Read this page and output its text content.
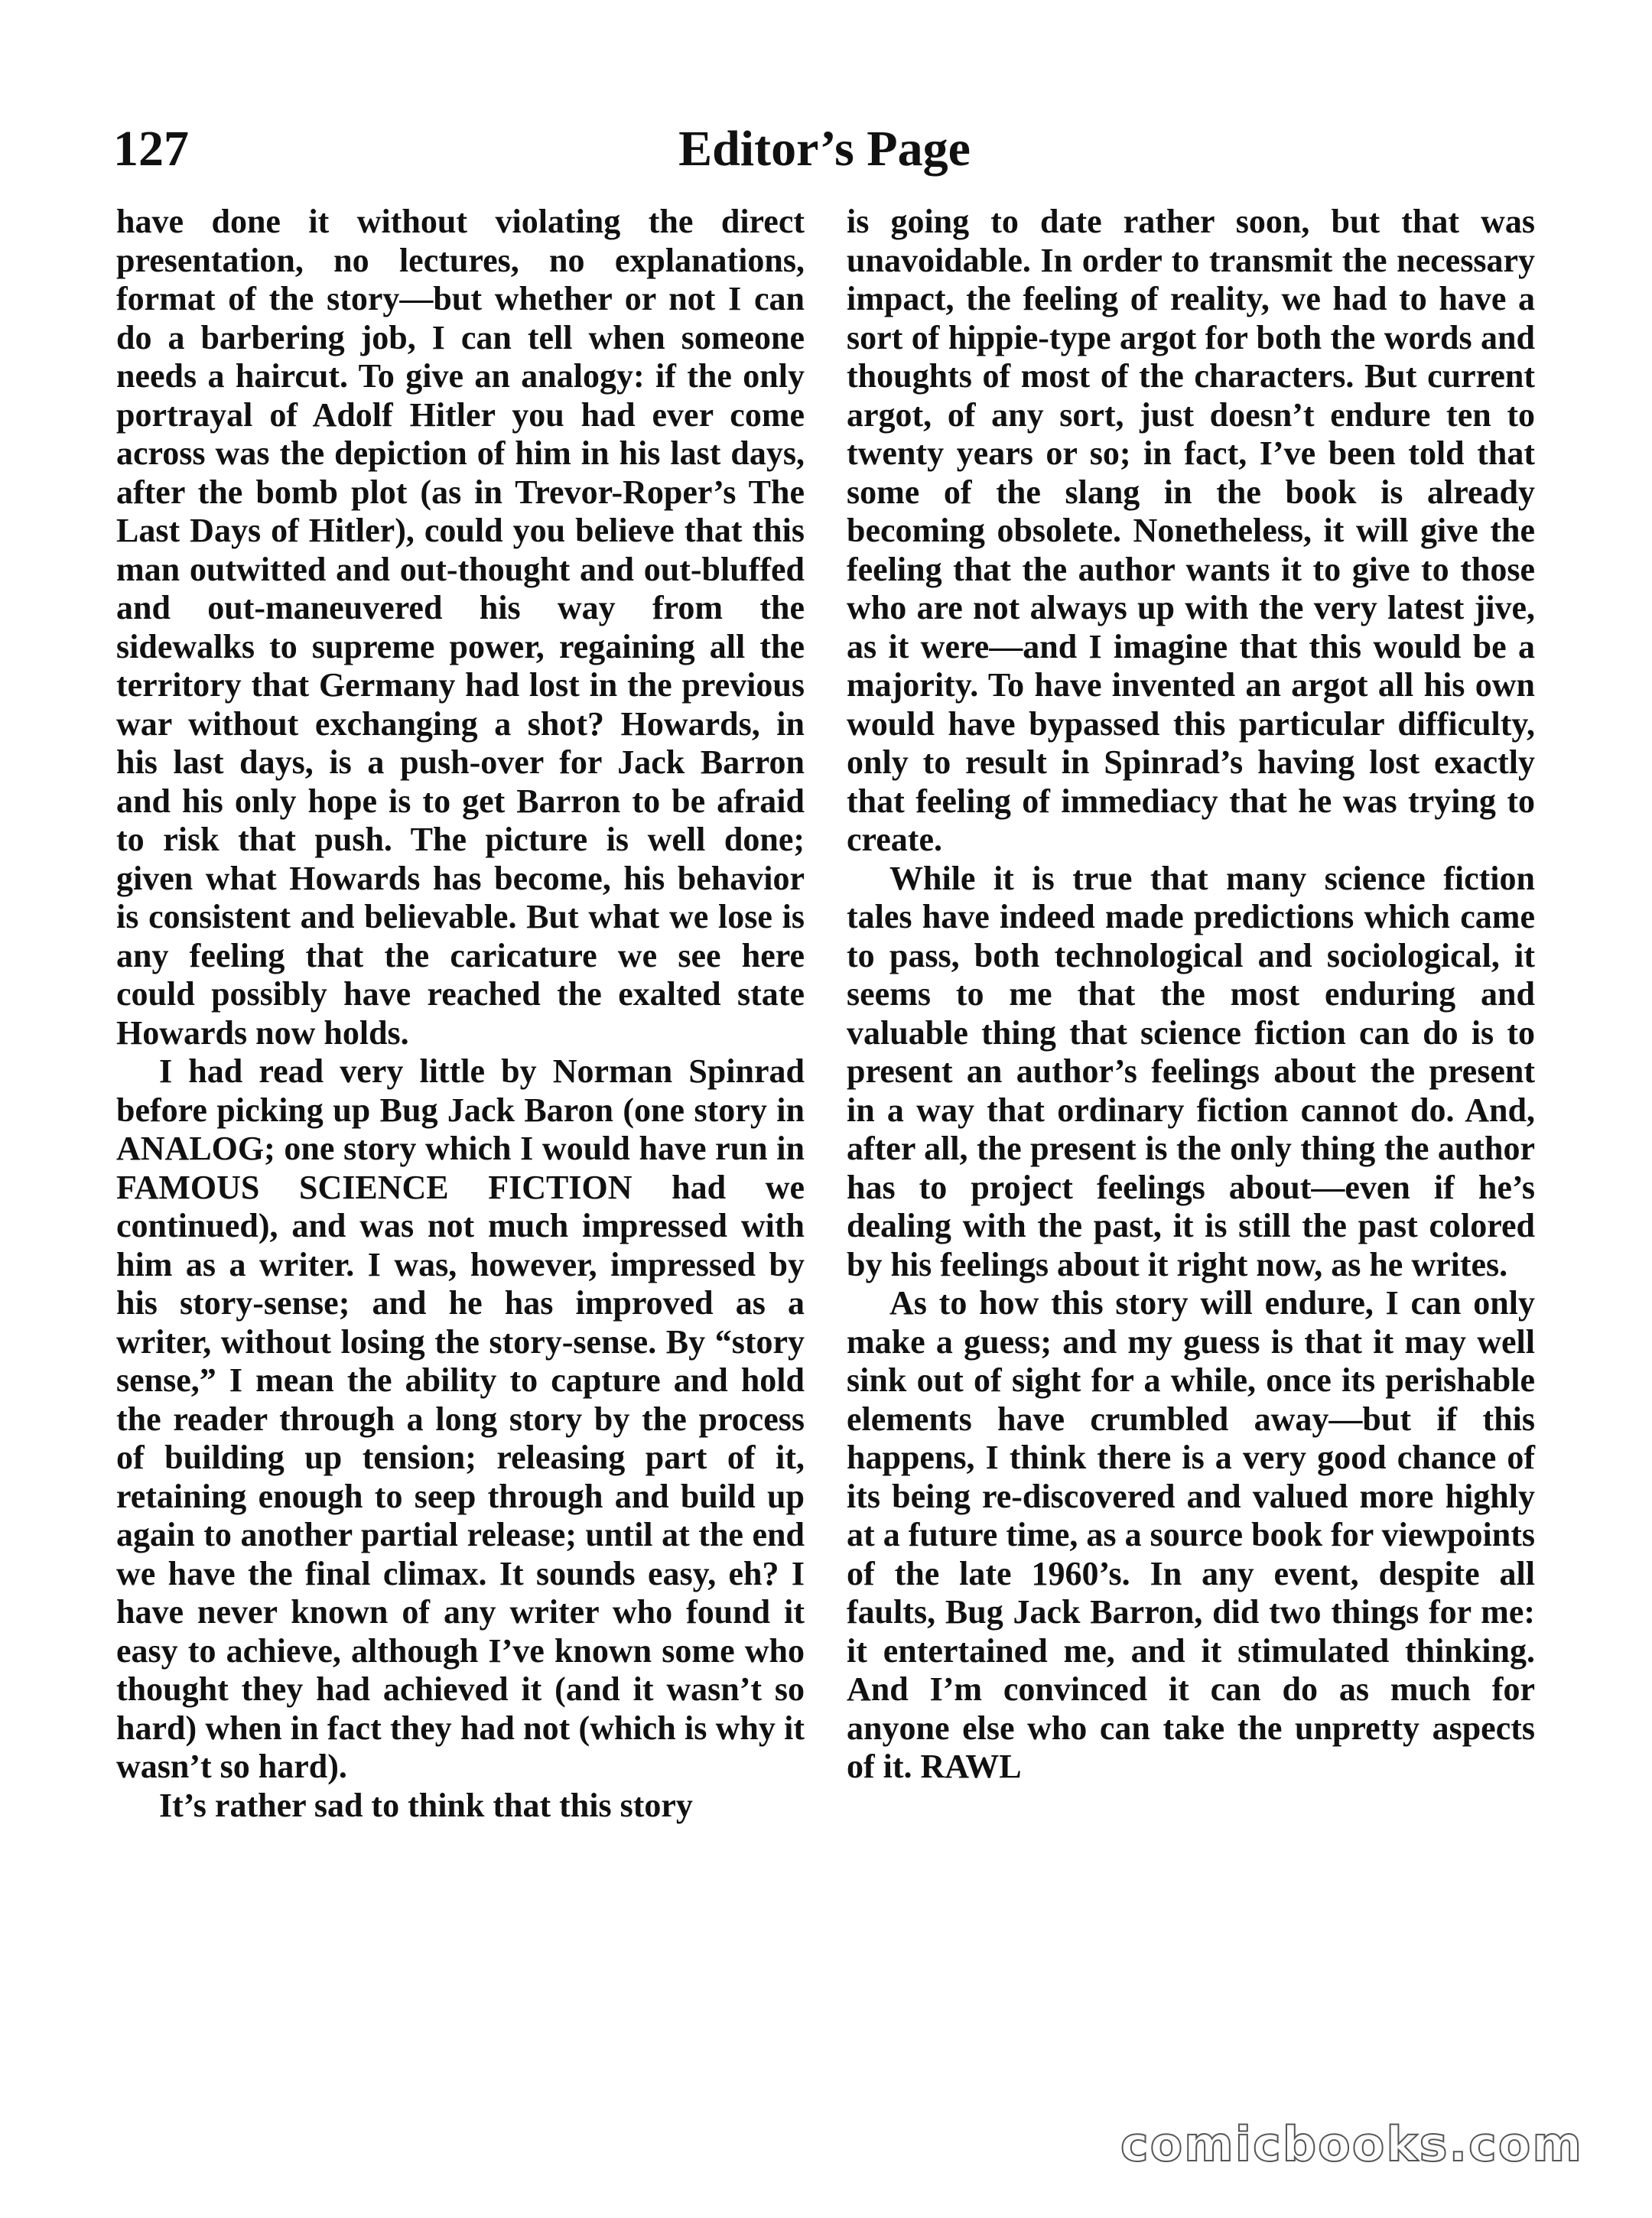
127	Editor’s Page

have done it without violating the direct presentation, no lectures, no explanations, format of the story—but whether or not I can do a barbering job, I can tell when someone needs a haircut. To give an analogy: if the only portrayal of Adolf Hitler you had ever come across was the depiction of him in his last days, after the bomb plot (as in Trevor-Roper’s The Last Days of Hitler), could you believe that this man outwitted and out-thought and out-bluffed and out-maneuvered his way from the sidewalks to supreme power, regaining all the territory that Germany had lost in the previous war without exchanging a shot? Howards, in his last days, is a push-over for Jack Barron and his only hope is to get Barron to be afraid to risk that push. The picture is well done; given what Howards has become, his behavior is consistent and believable. But what we lose is any feeling that the caricature we see here could possibly have reached the exalted state Howards now holds.

I had read very little by Norman Spinrad before picking up Bug Jack Baron (one story in ANALOG; one story which I would have run in FAMOUS SCIENCE FICTION had we continued), and was not much impressed with him as a writer. I was, however, impressed by his story-sense; and he has improved as a writer, without losing the story-sense. By “story sense,” I mean the ability to capture and hold the reader through a long story by the process of building up tension; releasing part of it, retaining enough to seep through and build up again to another partial release; until at the end we have the final climax. It sounds easy, eh? I have never known of any writer who found it easy to achieve, although I’ve known some who thought they had achieved it (and it wasn’t so hard) when in fact they had not (which is why it wasn’t so hard).

It’s rather sad to think that this story

is going to date rather soon, but that was unavoidable. In order to transmit the necessary impact, the feeling of reality, we had to have a sort of hippie-type argot for both the words and thoughts of most of the characters. But current argot, of any sort, just doesn’t endure ten to twenty years or so; in fact, I’ve been told that some of the slang in the book is already becoming obsolete. Nonetheless, it will give the feeling that the author wants it to give to those who are not always up with the very latest jive, as it were—and I imagine that this would be a majority. To have invented an argot all his own would have bypassed this particular difficulty, only to result in Spinrad’s having lost exactly that feeling of immediacy that he was trying to create.

While it is true that many science fiction tales have indeed made predictions which came to pass, both technological and sociological, it seems to me that the most enduring and valuable thing that science fiction can do is to present an author’s feelings about the present in a way that ordinary fiction cannot do. And, after all, the present is the only thing the author has to project feelings about—even if he’s dealing with the past, it is still the past colored by his feelings about it right now, as he writes.

As to how this story will endure, I can only make a guess; and my guess is that it may well sink out of sight for a while, once its perishable elements have crumbled away—but if this happens, I think there is a very good chance of its being re-discovered and valued more highly at a future time, as a source book for viewpoints of the late 1960’s. In any event, despite all faults, Bug Jack Barron, did two things for me: it entertained me, and it stimulated thinking. And I’m convinced it can do as much for anyone else who can take the unpretty aspects of it. RAWL

comicbooks.com
